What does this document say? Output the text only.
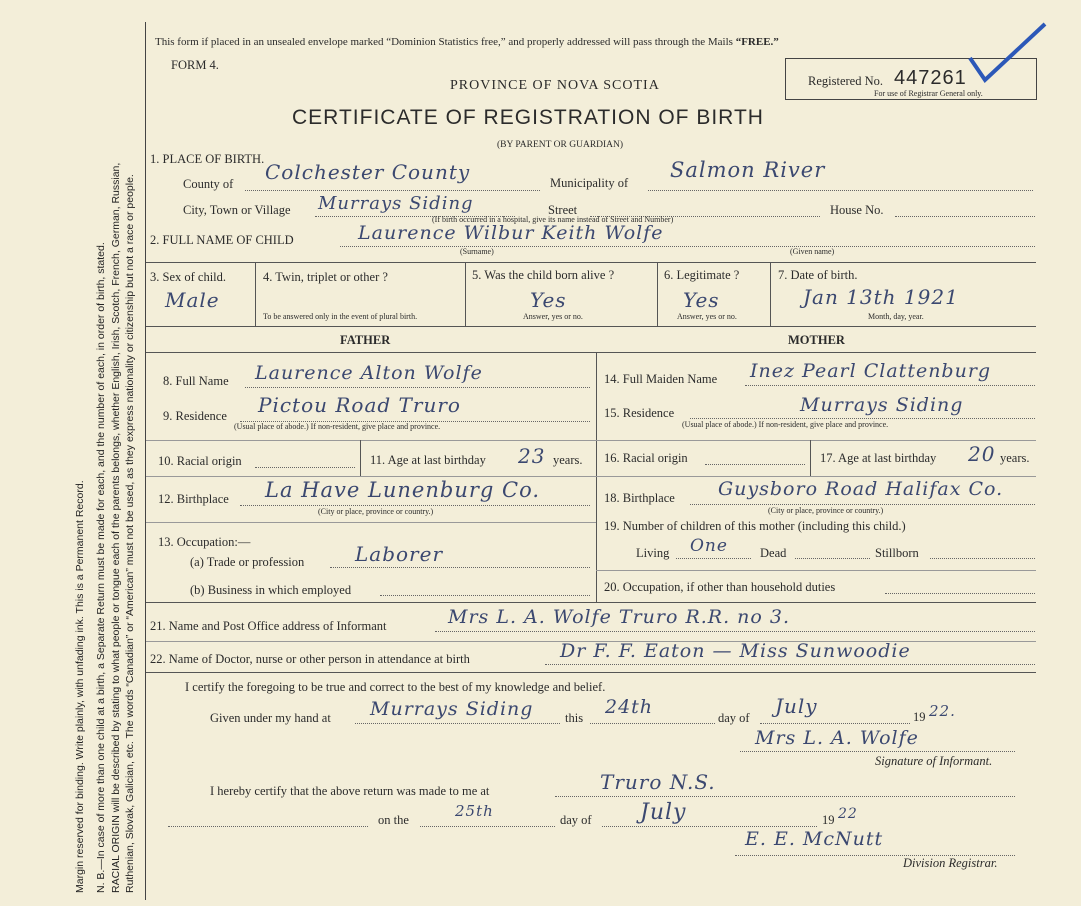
Margin reserved for binding. Write plainly, with unfading ink. This is a Permanent Record. N. B.—In case of more than one child at a birth, a Separate Return must be made for each, and the number of each, in order of birth, stated. RACIAL ORIGIN will be described by stating to what people or tongue each of the parents belongs, whether English, Irish, Scotch, French, German, Russian, Ruthenian, Slovak, Galician, etc. The words “Canadian” or “American” must not be used, as they express nationality or citizenship but not a race or people.
This form if placed in an unsealed envelope marked “Dominion Statistics free,” and properly addressed will pass through the Mails “FREE.”
FORM 4.
PROVINCE OF NOVA SCOTIA
CERTIFICATE OF REGISTRATION OF BIRTH
(BY PARENT OR GUARDIAN)
Registered No. 447261
For use of Registrar General only.
1. PLACE OF BIRTH.
County of Colchester County	Municipality of
Salmon River
City, Town or Village Murrays Siding	Street	House No.
(If birth occurred in a hospital, give its name instead of Street and Number)
2. FULL NAME OF CHILD	Laurence Wilbur Keith Wolfe
(Surname)	(Given name)
3. Sex of child.
Male
4. Twin, triplet or other ?
To be answered only in the event of plural birth.
5. Was the child born alive ?
Yes
Answer, yes or no.
6. Legitimate ?
Yes
Answer, yes or no.
7. Date of birth.
Jan 13th 1921
Month, day, year.
FATHER	MOTHER
8. Full Name Laurence Alton Wolfe
9. Residence Pictou Road Truro
(Usual place of abode.) If non-resident, give place and province.
10. Racial origin	11. Age at last birthday 23 years.
12. Birthplace La Have Lunenburg Co.
(City or place, province or country.)
13. Occupation:—
(a) Trade or profession	Laborer
(b) Business in which employed
14. Full Maiden Name Inez Pearl Clattenburg
15. Residence	Murrays Siding
(Usual place of abode.) If non-resident, give place and province.
16. Racial origin	17. Age at last birthday 20 years.
18. Birthplace Guysboro Road Halifax Co.
(City or place, province or country.)
19. Number of children of this mother (including this child.)
Living One	Dead	Stillborn
20. Occupation, if other than household duties
21. Name and Post Office address of Informant	Mrs L. A. Wolfe Truro R.R. no 3.
22. Name of Doctor, nurse or other person in attendance at birth	Dr F. F. Eaton — Miss Sunwoodie
I certify the foregoing to be true and correct to the best of my knowledge and belief.
Given under my hand at Murrays Siding	this 24th	day of July	19 22.
Mrs L. A. Wolfe
Signature of Informant.
I hereby certify that the above return was made to me at	Truro N.S.
on the	25th	day of July	19 22
E. E. McNutt
Division Registrar.
